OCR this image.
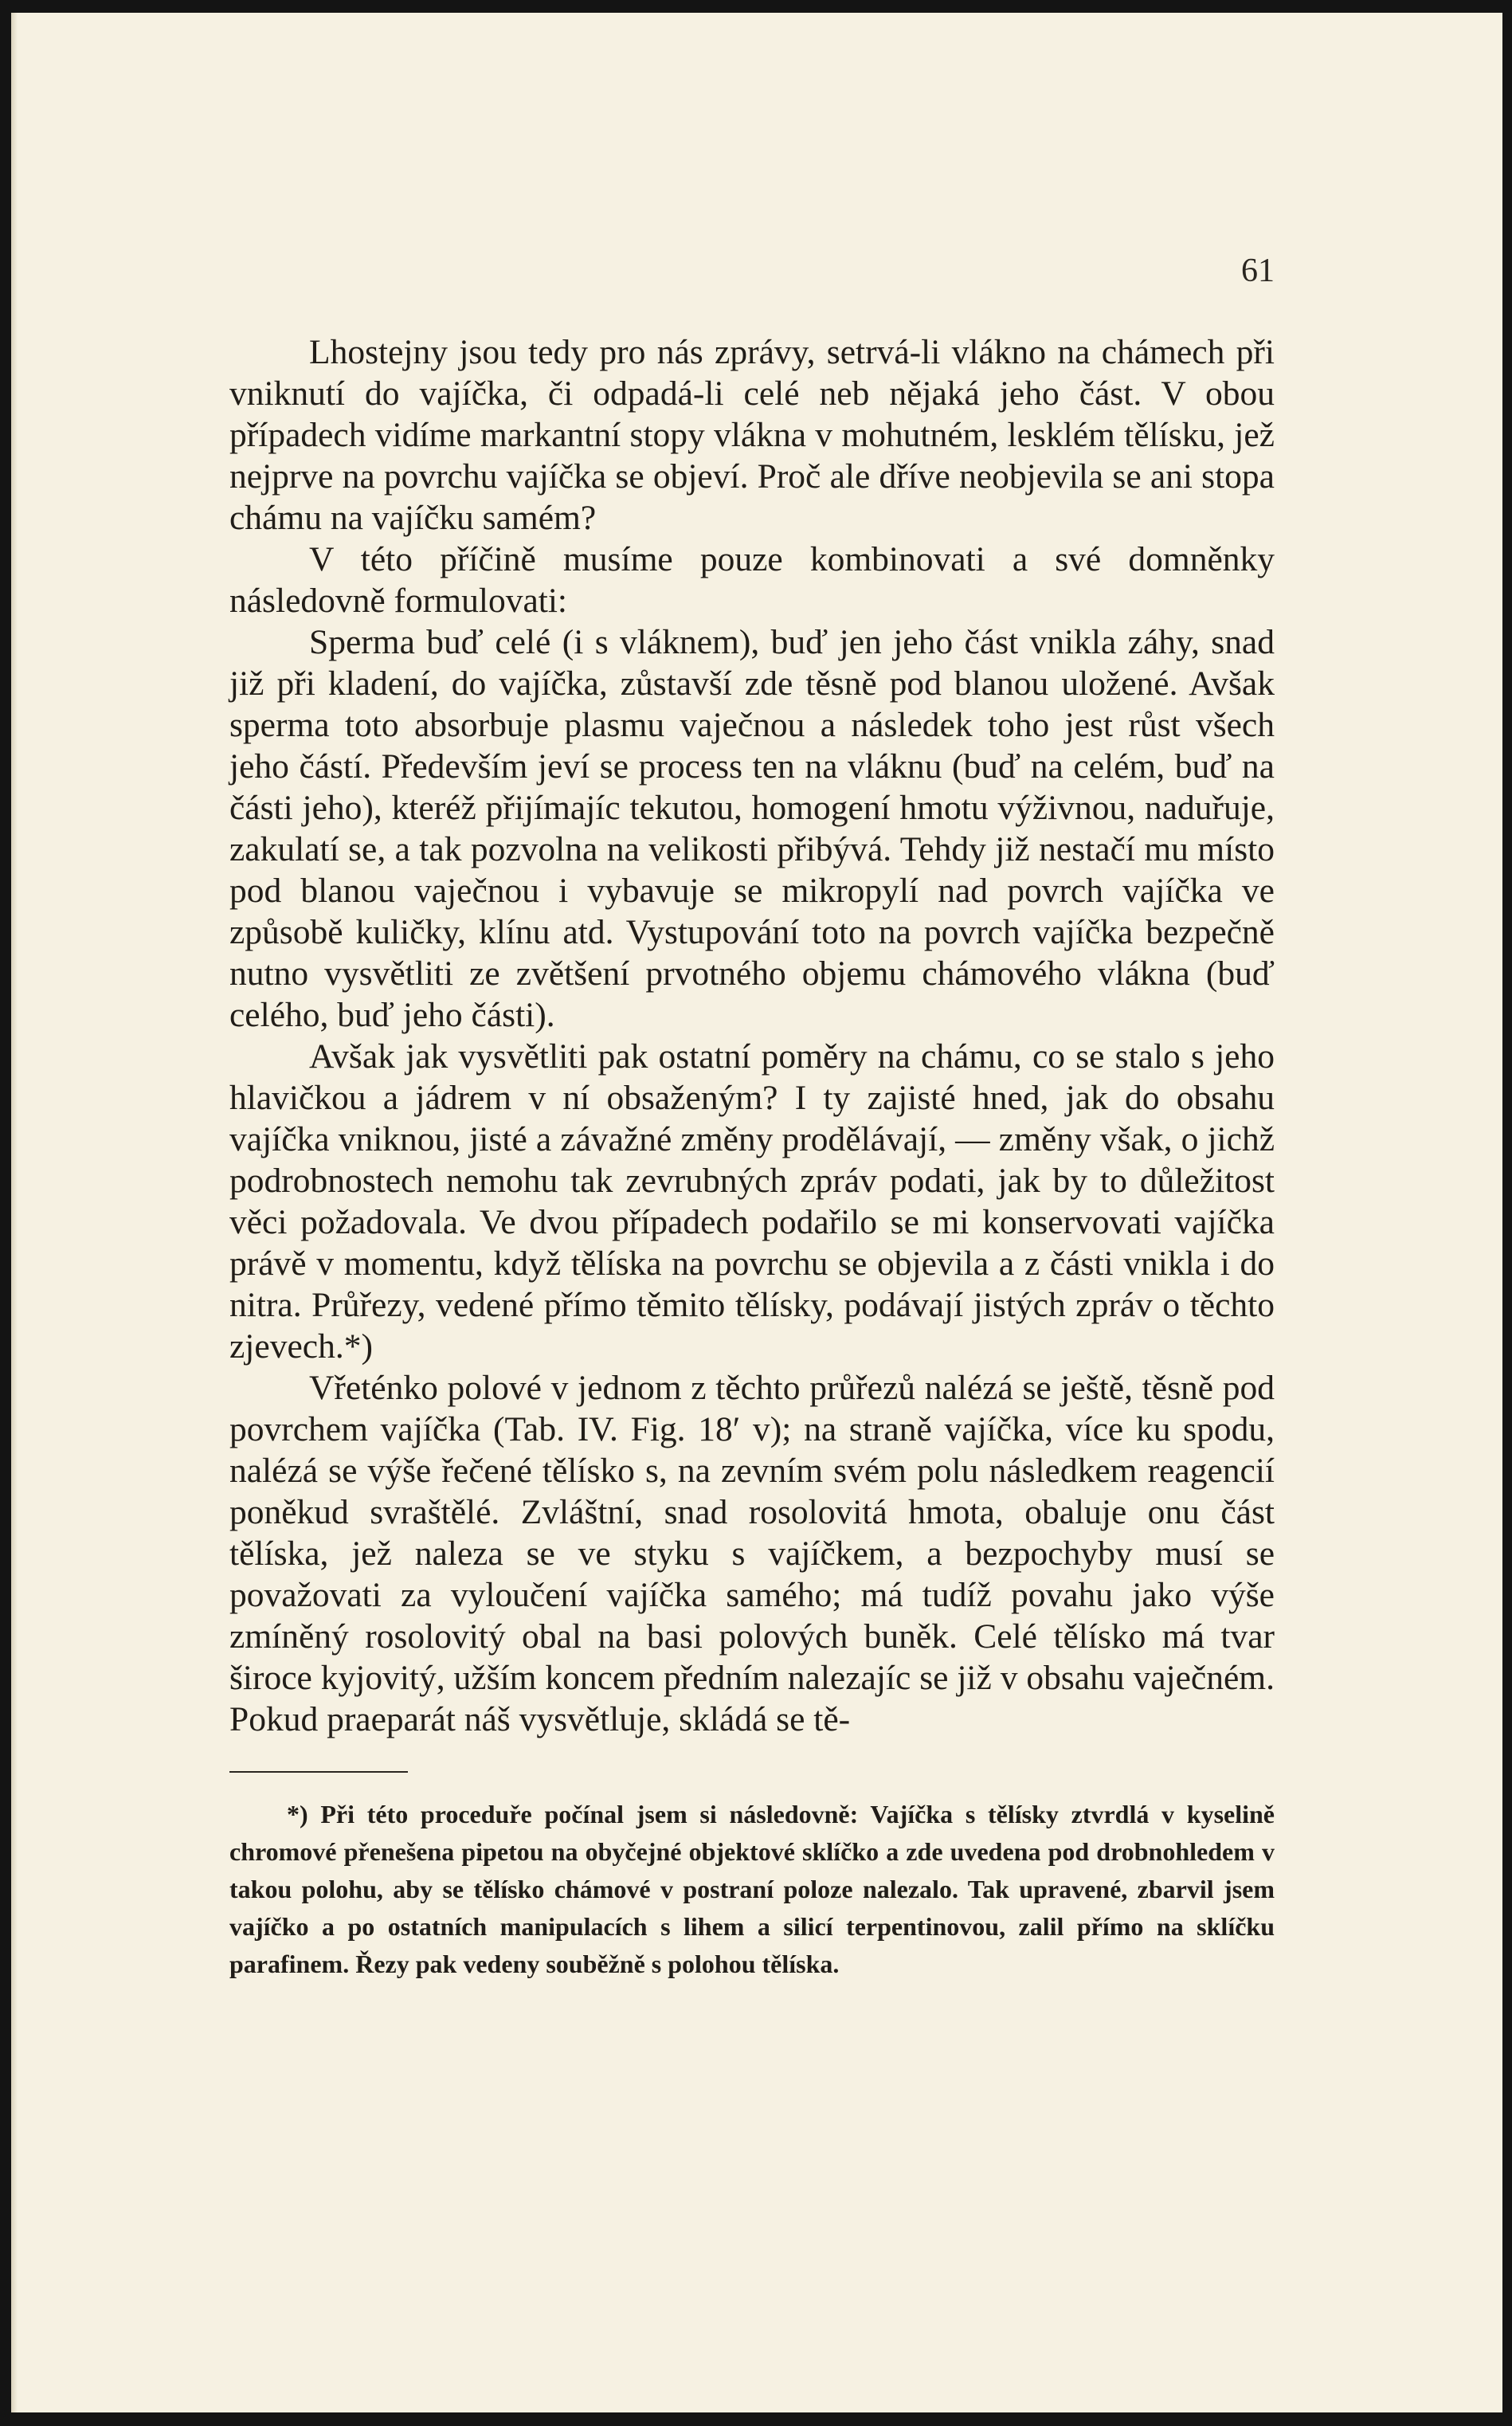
61

Lhostejny jsou tedy pro nás zprávy, setrvá-li vlákno na chámech při vniknutí do vajíčka, či odpadá-li celé neb nějaká jeho část. V obou případech vidíme markantní stopy vlákna v mohutném, lesklém tělísku, jež nejprve na povrchu vajíčka se objeví. Proč ale dříve neobjevila se ani stopa chámu na vajíčku samém?

V této příčině musíme pouze kombinovati a své domněnky následovně formulovati:

Sperma buď celé (i s vláknem), buď jen jeho část vnikla záhy, snad již při kladení, do vajíčka, zůstavší zde těsně pod blanou uložené. Avšak sperma toto absorbuje plasmu vaječnou a následek toho jest růst všech jeho částí. Především jeví se process ten na vláknu (buď na celém, buď na části jeho), kteréž přijímajíc tekutou, homogení hmotu výživnou, naduřuje, zakulatí se, a tak pozvolna na velikosti přibývá. Tehdy již nestačí mu místo pod blanou vaječnou i vybavuje se mikropylí nad povrch vajíčka ve způsobě kuličky, klínu atd. Vystupování toto na povrch vajíčka bezpečně nutno vysvětliti ze zvětšení prvotného objemu chámového vlákna (buď celého, buď jeho části).

Avšak jak vysvětliti pak ostatní poměry na chámu, co se stalo s jeho hlavičkou a jádrem v ní obsaženým? I ty zajisté hned, jak do obsahu vajíčka vniknou, jisté a závažné změny prodělávají, — změny však, o jichž podrobnostech nemohu tak zevrubných zpráv podati, jak by to důležitost věci požadovala. Ve dvou případech podařilo se mi konservovati vajíčka právě v momentu, když tělíska na povrchu se objevila a z části vnikla i do nitra. Průřezy, vedené přímo těmito tělísky, podávají jistých zpráv o těchto zjevech.*)

Vřeténko polové v jednom z těchto průřezů nalézá se ještě, těsně pod povrchem vajíčka (Tab. IV. Fig. 18′ v); na straně vajíčka, více ku spodu, nalézá se výše řečené tělísko s, na zevním svém polu následkem reagencií poněkud svraštělé. Zvláštní, snad rosolovitá hmota, obaluje onu část tělíska, jež naleza se ve styku s vajíčkem, a bezpochyby musí se považovati za vyloučení vajíčka samého; má tudíž povahu jako výše zmíněný rosolovitý obal na basi polových buněk. Celé tělísko má tvar široce kyjovitý, užším koncem předním nalezajíc se již v obsahu vaječném. Pokud praeparát náš vysvětluje, skládá se tě-

*) Při této proceduře počínal jsem si následovně: Vajíčka s tělísky ztvrdlá v kyselině chromové přenešena pipetou na obyčejné objektové sklíčko a zde uvedena pod drobnohledem v takou polohu, aby se tělísko chámové v postraní poloze nalezalo. Tak upravené, zbarvil jsem vajíčko a po ostatních manipulacích s lihem a silicí terpentinovou, zalil přímo na sklíčku parafinem. Řezy pak vedeny souběžně s polohou tělíska.
